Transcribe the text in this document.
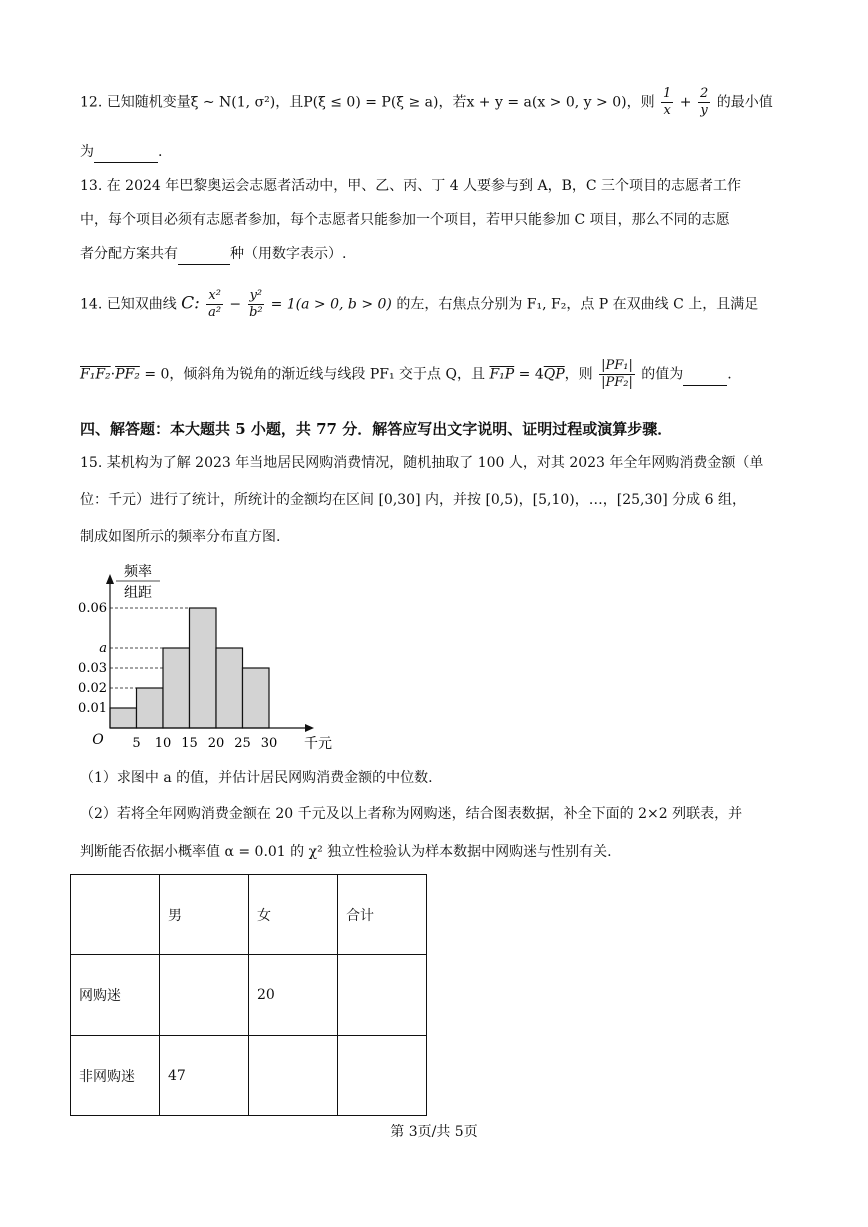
12. 已知随机变量ξ ~ N(1, σ²)，且P(ξ ≤ 0) = P(ξ ≥ a)，若x + y = a(x > 0, y > 0)，则 $\frac{1}{x} + \frac{2}{y}$ 的最小值
为	.
13. 在 2024 年巴黎奥运会志愿者活动中，甲、乙、丙、丁 4 人要参与到 A，B，C 三个项目的志愿者工作
中，每个项目必须有志愿者参加，每个志愿者只能参加一个项目，若甲只能参加 C 项目，那么不同的志愿
者分配方案共有	种（用数字表示）.
14. 已知双曲线 C: $\frac{\text{x²}}{\text{a²}} - \frac{\text{y²}}{\text{b²}} = 1(a > 0$, b > 0) 的左，右焦点分别为 F₁, F₂，点 P 在双曲线 C 上，且满足
F₁F₂·PF₂ = 0，倾斜角为锐角的渐近线与线段 PF₁ 交于点 Q，且 $F_1P = 4\overline{QP}$，则 $\frac{\text{|PF₁|}}{\text{|PF₂|}}$ 的值为	.
四、解答题：本大题共 5 小题，共 77 分．解答应写出文字说明、证明过程或演算步骤．
15. 某机构为了解 2023 年当地居民网购消费情况，随机抽取了 100 人，对其 2023 年全年网购消费金额（单
位：千元）进行了统计，所统计的金额均在区间 [0,30] 内，并按 [0,5)，[5,10)，…，[25,30] 分成 6 组，
制成如图所示的频率分布直方图.
频率
组距
0.01
0.02
0.03
a
0.06
5 10 15 20 25 30
O	千元
（1）求图中 a 的值，并估计居民网购消费金额的中位数.
（2）若将全年网购消费金额在 20 千元及以上者称为网购迷，结合图表数据，补全下面的 2×2 列联表，并
判断能否依据小概率值 α = 0.01 的 χ² 独立性检验认为样本数据中网购迷与性别有关.
	男	女	合计
网购迷		20	
非网购迷	47		
第 3页/共 5页
